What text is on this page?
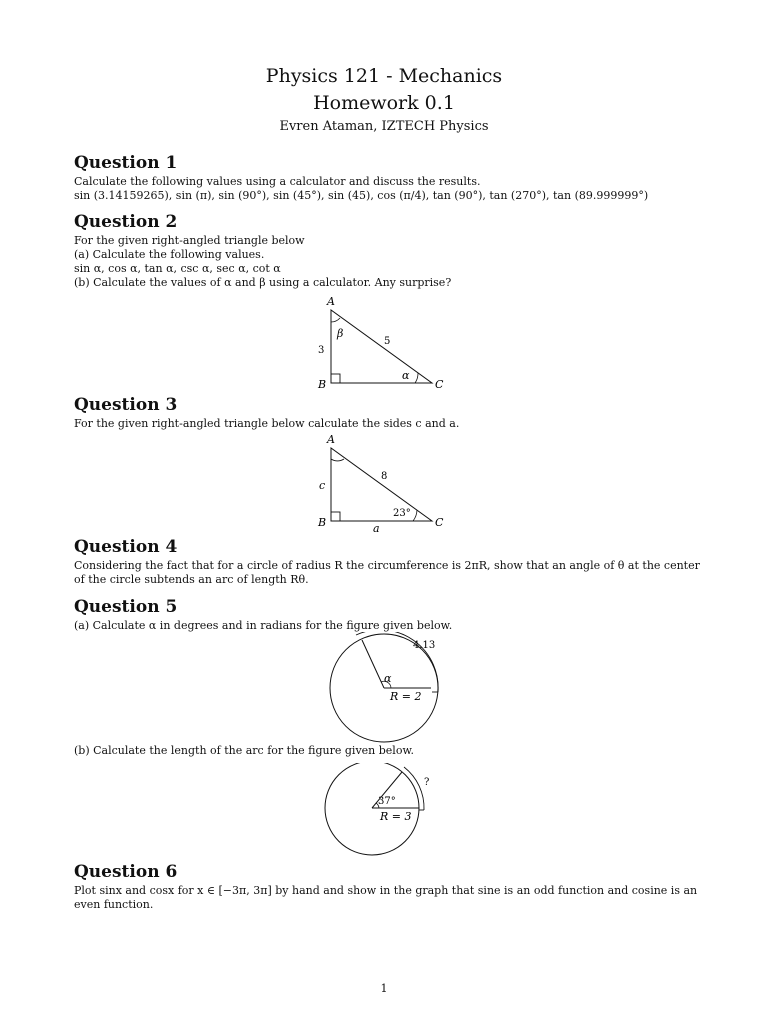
Physics 121 - Mechanics
Homework 0.1
Evren Ataman, IZTECH Physics
Question 1
Calculate the following values using a calculator and discuss the results.
sin (3.14159265), sin (π), sin (90°), sin (45°), sin (45), cos (π/4), tan (90°), tan (270°), tan (89.999999°)
Question 2
For the given right-angled triangle below
(a) Calculate the following values.
sin α, cos α, tan α, csc α, sec α, cot α
(b) Calculate the values of α and β using a calculator. Any surprise?
A
B	C
3
5
β
α
Question 3
For the given right-angled triangle below calculate the sides c and a.
A
B	C
c
8
a
23°
Question 4
Considering the fact that for a circle of radius R the circumference is 2πR, show that an angle of θ at the center of the circle subtends an arc of length Rθ.
Question 5
(a) Calculate α in degrees and in radians for the figure given below.
4.13
α
R = 2
(b) Calculate the length of the arc for the figure given below.
?
37°
R = 3
Question 6
Plot sinx and cosx for x ∈ [−3π, 3π] by hand and show in the graph that sine is an odd function and cosine is an even function.
1
